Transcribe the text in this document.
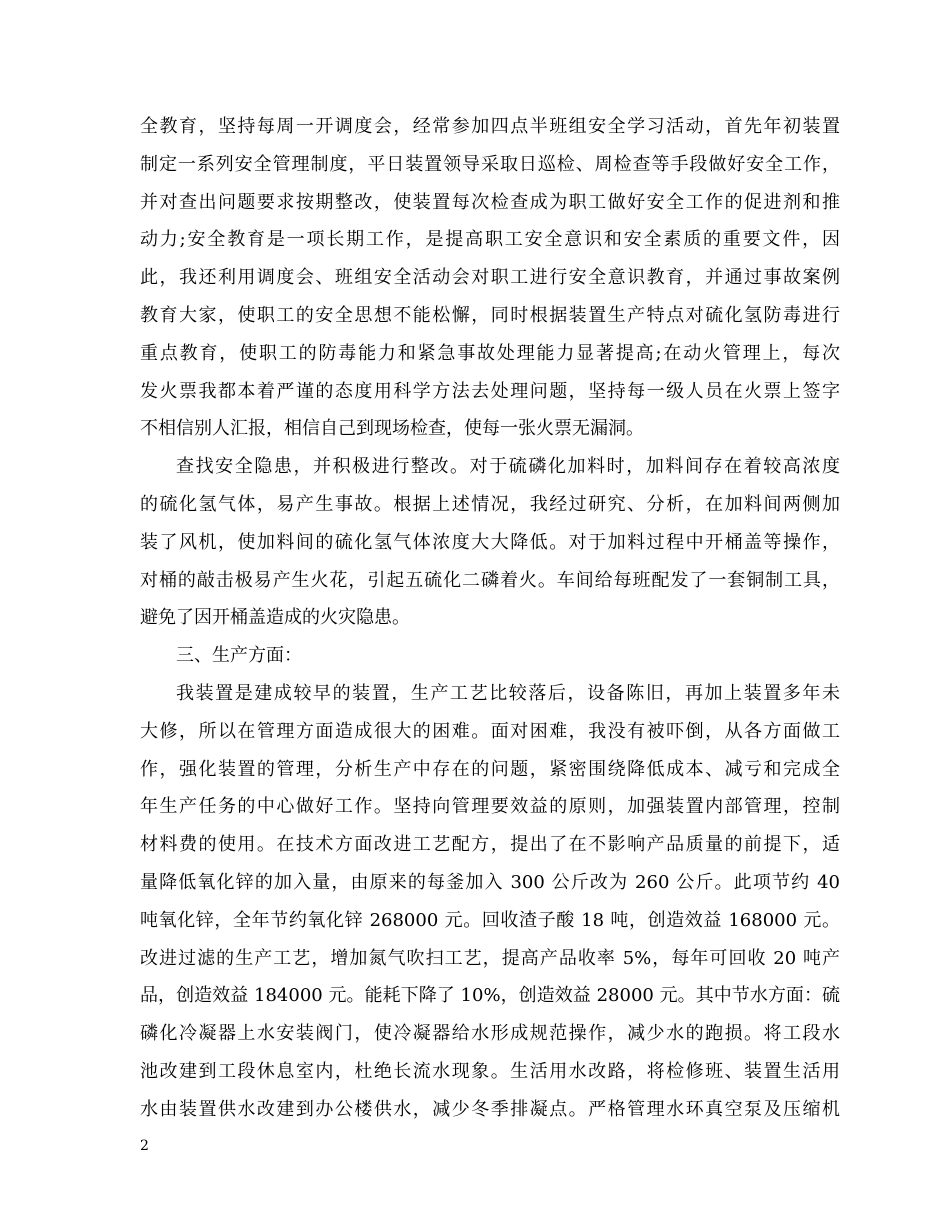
全教育，坚持每周一开调度会，经常参加四点半班组安全学习活动，首先年初装置
制定一系列安全管理制度，平日装置领导采取日巡检、周检查等手段做好安全工作，
并对查出问题要求按期整改，使装置每次检查成为职工做好安全工作的促进剂和推
动力;安全教育是一项长期工作，是提高职工安全意识和安全素质的重要文件，因
此，我还利用调度会、班组安全活动会对职工进行安全意识教育，并通过事故案例
教育大家，使职工的安全思想不能松懈，同时根据装置生产特点对硫化氢防毒进行
重点教育，使职工的防毒能力和紧急事故处理能力显著提高;在动火管理上，每次
发火票我都本着严谨的态度用科学方法去处理问题，坚持每一级人员在火票上签字
不相信别人汇报，相信自己到现场检查，使每一张火票无漏洞。
查找安全隐患，并积极进行整改。对于硫磷化加料时，加料间存在着较高浓度
的硫化氢气体，易产生事故。根据上述情况，我经过研究、分析，在加料间两侧加
装了风机，使加料间的硫化氢气体浓度大大降低。对于加料过程中开桶盖等操作，
对桶的敲击极易产生火花，引起五硫化二磷着火。车间给每班配发了一套铜制工具，
避免了因开桶盖造成的火灾隐患。
三、生产方面：
我装置是建成较早的装置，生产工艺比较落后，设备陈旧，再加上装置多年未
大修，所以在管理方面造成很大的困难。面对困难，我没有被吓倒，从各方面做工
作，强化装置的管理，分析生产中存在的问题，紧密围绕降低成本、减亏和完成全
年生产任务的中心做好工作。坚持向管理要效益的原则，加强装置内部管理，控制
材料费的使用。在技术方面改进工艺配方，提出了在不影响产品质量的前提下，适
量降低氧化锌的加入量，由原来的每釜加入 300 公斤改为 260 公斤。此项节约 40
吨氧化锌，全年节约氧化锌 268000 元。回收渣子酸 18 吨，创造效益 168000 元。
改进过滤的生产工艺，增加氮气吹扫工艺，提高产品收率 5%，每年可回收 20 吨产
品，创造效益 184000 元。能耗下降了 10%，创造效益 28000 元。其中节水方面：硫
磷化冷凝器上水安装阀门，使冷凝器给水形成规范操作，减少水的跑损。将工段水
池改建到工段休息室内，杜绝长流水现象。生活用水改路，将检修班、装置生活用
水由装置供水改建到办公楼供水，减少冬季排凝点。严格管理水环真空泵及压缩机
2
